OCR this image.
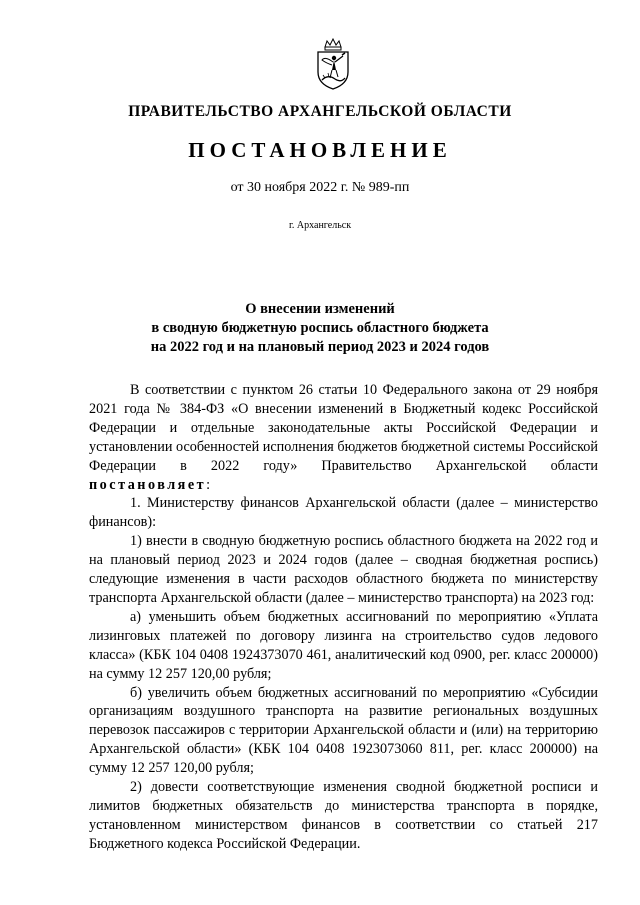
ПРАВИТЕЛЬСТВО АРХАНГЕЛЬСКОЙ ОБЛАСТИ
ПОСТАНОВЛЕНИЕ
от 30 ноября 2022 г. № 989-пп
г. Архангельск
О внесении изменений
в сводную бюджетную роспись областного бюджета
на 2022 год и на плановый период 2023 и 2024 годов

В соответствии с пунктом 26 статьи 10 Федерального закона от 29 ноября 2021 года № 384-ФЗ «О внесении изменений в Бюджетный кодекс Российской Федерации и отдельные законодательные акты Российской Федерации и установлении особенностей исполнения бюджетов бюджетной системы Российской Федерации в 2022 году» Правительство Архангельской области постановляет:

1. Министерству финансов Архангельской области (далее – министерство финансов):

1) внести в сводную бюджетную роспись областного бюджета на 2022 год и на плановый период 2023 и 2024 годов (далее – сводная бюджетная роспись) следующие изменения в части расходов областного бюджета по министерству транспорта Архангельской области (далее – министерство транспорта) на 2023 год:

а) уменьшить объем бюджетных ассигнований по мероприятию «Уплата лизинговых платежей по договору лизинга на строительство судов ледового класса» (КБК 104 0408 1924373070 461, аналитический код 0900, рег. класс 200000) на сумму 12 257 120,00 рубля;

б) увеличить объем бюджетных ассигнований по мероприятию «Субсидии организациям воздушного транспорта на развитие региональных воздушных перевозок пассажиров с территории Архангельской области и (или) на территорию Архангельской области» (КБК 104 0408 1923073060 811, рег. класс 200000) на сумму 12 257 120,00 рубля;

2) довести соответствующие изменения сводной бюджетной росписи и лимитов бюджетных обязательств до министерства транспорта в порядке, установленном министерством финансов в соответствии со статьей 217 Бюджетного кодекса Российской Федерации.
